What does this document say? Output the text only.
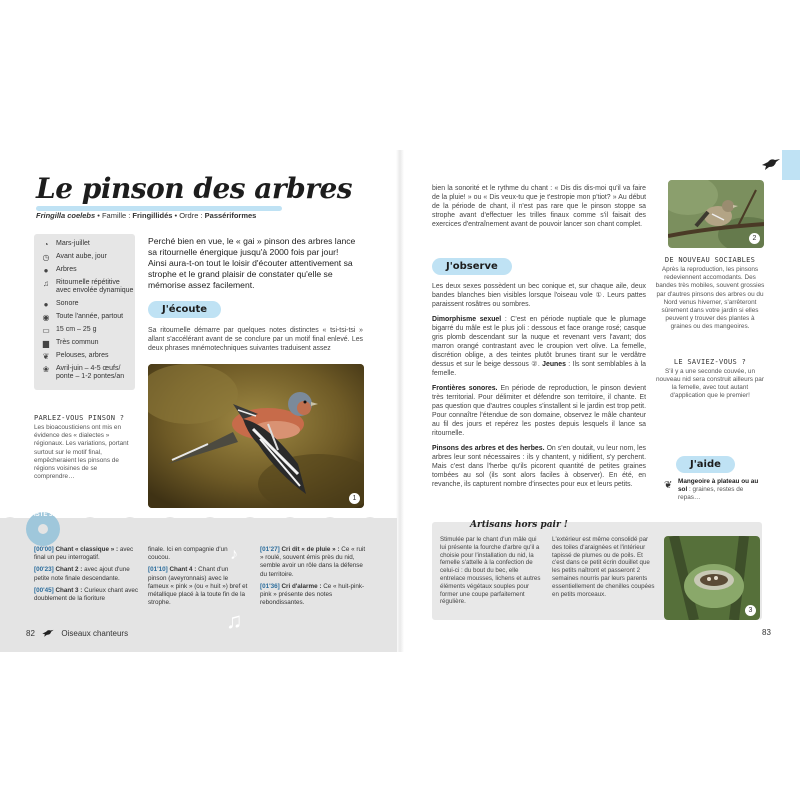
Le pinson des arbres
Fringilla coelebs • Famille : Fringillidés • Ordre : Passériformes
◔	Mars-juillet
◷ Avant aube, jour
●	Arbres
♫	Ritournelle répétitive avec envolée dynamique
●	Sonore
◉ Toute l'année, partout
▭ 15 cm – 25 g
▆ Très commun
❦ Pelouses, arbres
❀ Avril-juin – 4-5 œufs/ ponte – 1-2 pontes/an
Perché bien en vue, le « gai » pinson des arbres lance sa ritournelle énergique jusqu'à 2000 fois par jour! Ainsi aura-t-on tout le loisir d'écouter attentivement sa strophe et le grand plaisir de constater qu'elle se mémorise assez facilement.
J'écoute
Sa ritournelle démarre par quelques notes distinctes « tsi-tsi-tsi » allant s'accélérant avant de se conclure par un motif final enlevé. Les deux phrases mnémotechniques suivantes traduisent assez
1
PARLEZ-VOUS PINSON ?
Les bioacousticiens ont mis en évidence des « dialectes » régionaux. Les variations, portant surtout sur le motif final, empêcheraient les pinsons de régions voisines de se comprendre…
PISTE 38
[00'00] Chant « classique » : avec final un peu interrogatif.
[00'23] Chant 2 : avec ajout d'une petite note finale descendante.
[00'45] Chant 3 : Curieux chant avec doublement de la fioriture
finale. Ici en compagnie d'un coucou.
[01'10] Chant 4 : Chant d'un pinson (aveyronnais) avec le fameux « pink » (ou « huit ») bref et métallique placé à la toute fin de la strophe.
♪
♫
[01'27] Cri dit « de pluie » : Ce « ruit » roulé, souvent émis près du nid, semble avoir un rôle dans la défense du territoire.
[01'36] Cri d'alarme : Ce « huit-pink-pink » présente des notes rebondissantes.
82	Oiseaux chanteurs
bien la sonorité et le rythme du chant : « Dis dis dis-moi qu'il va faire de la pluie! » ou « Dis veux-tu que je t'estropie mon p'tiot? » Au début de la période de chant, il n'est pas rare que le pinson stoppe sa strophe avant d'effectuer les trilles finaux comme s'il faisait des exercices d'entraînement avant de pouvoir lancer son chant complet.
J'observe
Les deux sexes possèdent un bec conique et, sur chaque aile, deux bandes blanches bien visibles lorsque l'oiseau vole ①. Leurs pattes paraissent rosâtres ou sombres.
Dimorphisme sexuel : C'est en période nuptiale que le plumage bigarré du mâle est le plus joli : dessous et face orange rosé; casque gris plomb descendant sur la nuque et revenant vers l'avant; dos marron orangé contrastant avec le croupion vert olive. La femelle, discrétion oblige, a des teintes plutôt brunes tirant sur le verdâtre dessus et sur le beige dessous ②. Jeunes : Ils sont semblables à la femelle.
Frontières sonores. En période de reproduction, le pinson devient très territorial. Pour délimiter et défendre son territoire, il chante. Et pas question que d'autres couples s'installent si le jardin est trop petit. Pour connaître l'étendue de son domaine, observez le mâle chanteur au fil des jours et repérez les postes depuis lesquels il lance sa ritournelle.
Pinsons des arbres et des herbes. On s'en doutait, vu leur nom, les arbres leur sont nécessaires : ils y chantent, y nidifient, s'y perchent. Mais c'est dans l'herbe qu'ils picorent quantité de petites graines tombées au sol (ils sont alors faciles à observer). En été, en revanche, ils capturent nombre d'insectes pour eux et leurs petits.
2
DE NOUVEAU SOCIABLES
Après la reproduction, les pinsons redeviennent accomodants. Des bandes très mobiles, souvent grossies par d'autres pinsons des arbres ou du Nord venus hiverner, s'arrêteront sûrement dans votre jardin si elles peuvent y trouver des plantes à graines ou des mangeoires.
LE SAVIEZ-VOUS ?
S'il y a une seconde couvée, un nouveau nid sera construit ailleurs par la femelle, avec tout autant d'application que le premier!
J'aide
❦ Mangeoire à plateau ou au sol : graines, restes de repas…
Artisans hors pair !
Stimulée par le chant d'un mâle qui lui présente la fourche d'arbre qu'il a choisie pour l'installation du nid, la femelle s'attelle à la confection de celui-ci : du bout du bec, elle entrelace mousses, lichens et autres éléments végétaux souples pour former une coupe parfaitement régulière.
L'extérieur est même consolidé par des toiles d'araignées et l'intérieur tapissé de plumes ou de poils. Et c'est dans ce petit écrin douillet que les petits naîtront et passeront 2 semaines nourris par leurs parents essentiellement de chenilles coupées en petits morceaux.
3
83
